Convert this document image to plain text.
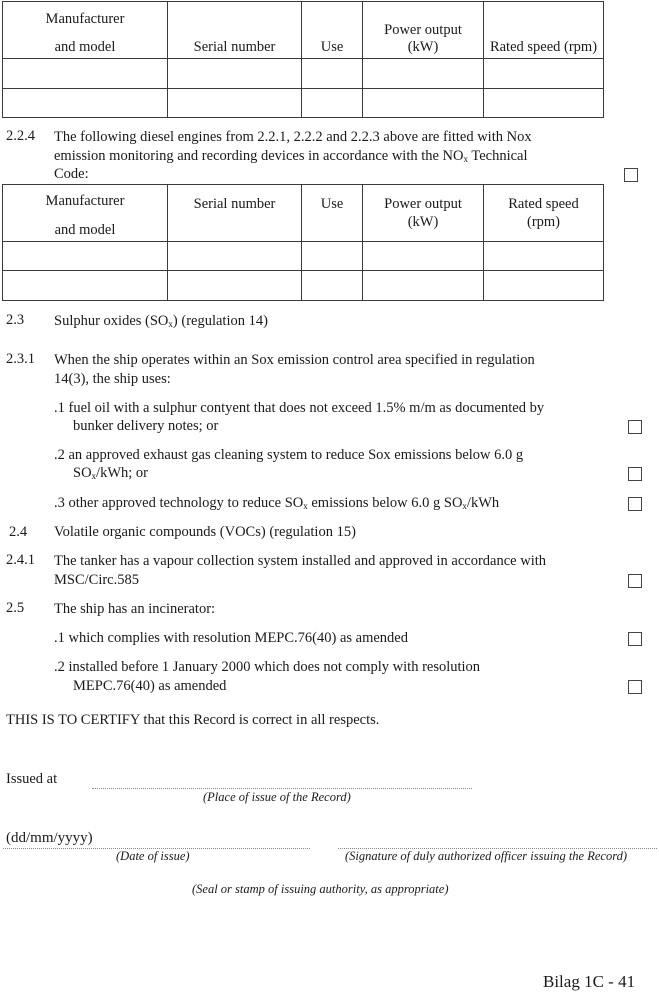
Manufacturer
and model	Serial number	Use	Power output
(kW)	Rated speed (rpm)

2.2.4 The following diesel engines from 2.2.1, 2.2.2 and 2.2.3 above are fitted with Nox
emission monitoring and recording devices in accordance with the $NO_x$ Technical
Code:
Manufacturer
and model	Serial number	Use	Power output
(kW)	Rated speed
(rpm)

2.3 Sulphur oxides $(SO_x)$ (regulation 14)
2.3.1 When the ship operates within an Sox emission control area specified in regulation
14(3), the ship uses:
.1 fuel oil with a sulphur contyent that does not exceed 1.5% m/m as documented by
bunker delivery notes; or
.2 an approved exhaust gas cleaning system to reduce Sox emissions below 6.0 g
$SO_x$/kWh; or
.3 other approved technology to reduce $SO_x$ emissions below 6.0 g $SO_x$/kWh
2.4 Volatile organic compounds (VOCs) (regulation 15)
2.4.1 The tanker has a vapour collection system installed and approved in accordance with
MSC/Circ.585
2.5 The ship has an incinerator:
.1 which complies with resolution MEPC.76(40) as amended
.2 installed before 1 January 2000 which does not comply with resolution
MEPC.76(40) as amended
THIS IS TO CERTIFY that this Record is correct in all respects.
Issued at
(Place of issue of the Record)
(dd/mm/yyyy)
(Date of issue)	(Signature of duly authorized officer issuing the Record)
(Seal or stamp of issuing authority, as appropriate)
Bilag 1C - 41
